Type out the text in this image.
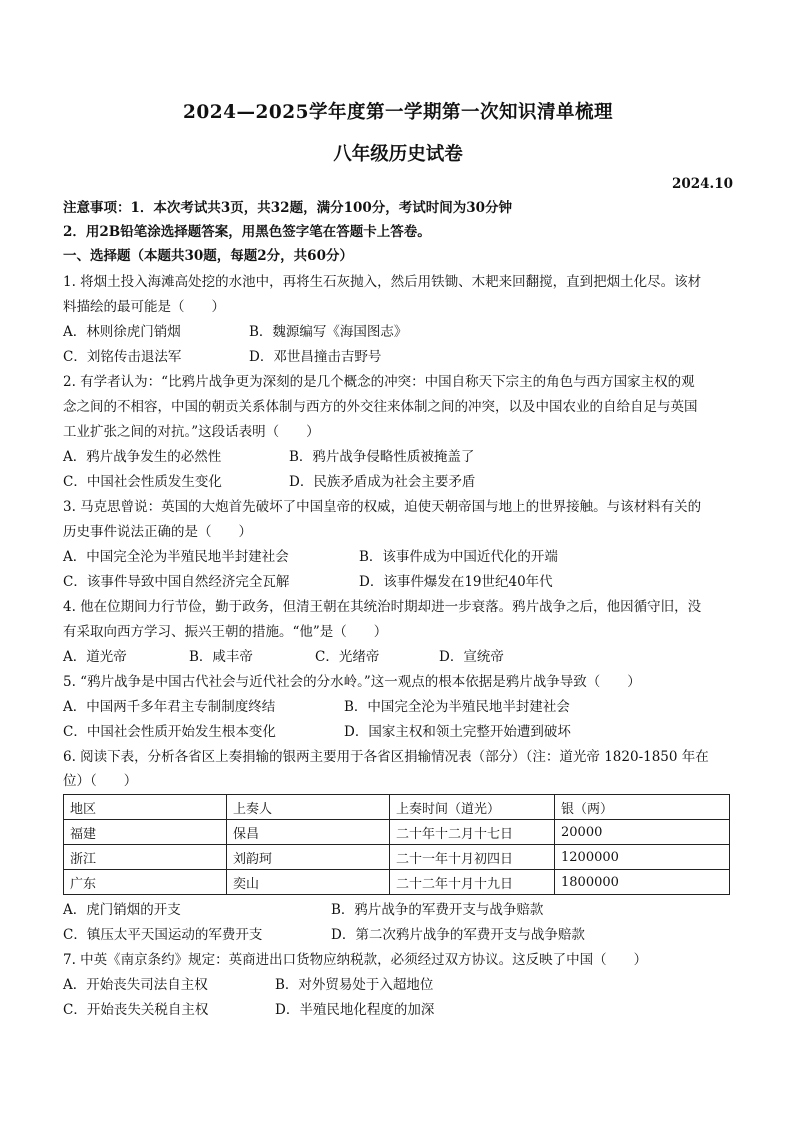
2024—2025学年度第一学期第一次知识清单梳理
八年级历史试卷
2024.10
注意事项：1．本次考试共3页，共32题，满分100分，考试时间为30分钟
2．用2B铅笔涂选择题答案，用黑色签字笔在答题卡上答卷。
一、选择题（本题共30题，每题2分，共60分）
1. 将烟土投入海滩高处挖的水池中，再将生石灰抛入，然后用铁锄、木耙来回翻搅，直到把烟土化尽。该材
料描绘的最可能是（　　）
A．林则徐虎门销烟	B．魏源编写《海国图志》
C．刘铭传击退法军	D．邓世昌撞击吉野号
2. 有学者认为：“比鸦片战争更为深刻的是几个概念的冲突：中国自称天下宗主的角色与西方国家主权的观
念之间的不相容，中国的朝贡关系体制与西方的外交往来体制之间的冲突，以及中国农业的自给自足与英国
工业扩张之间的对抗。”这段话表明（　　）
A．鸦片战争发生的必然性	B．鸦片战争侵略性质被掩盖了
C．中国社会性质发生变化	D．民族矛盾成为社会主要矛盾
3. 马克思曾说：英国的大炮首先破坏了中国皇帝的权威，迫使天朝帝国与地上的世界接触。与该材料有关的
历史事件说法正确的是（　　）
A．中国完全沦为半殖民地半封建社会	B．该事件成为中国近代化的开端
C．该事件导致中国自然经济完全瓦解	D．该事件爆发在19世纪40年代
4. 他在位期间力行节俭，勤于政务，但清王朝在其统治时期却进一步衰落。鸦片战争之后，他因循守旧，没
有采取向西方学习、振兴王朝的措施。“他”是（　　）
A．道光帝	B．咸丰帝	C．光绪帝	D．宣统帝
5. “鸦片战争是中国古代社会与近代社会的分水岭。”这一观点的根本依据是鸦片战争导致（　　）
A．中国两千多年君主专制制度终结	B．中国完全沦为半殖民地半封建社会
C．中国社会性质开始发生根本变化	D．国家主权和领土完整开始遭到破坏
6. 阅读下表，分析各省区上奏捐输的银两主要用于各省区捐输情况表（部分）（注：道光帝 1820-1850 年在
位）（　　）
地区	上奏人	上奏时间（道光）	银（两）
福建	保昌	二十年十二月十七日	20000
浙江	刘韵珂	二十一年十月初四日	1200000
广东	奕山	二十二年十月十九日	1800000
A．虎门销烟的开支	B．鸦片战争的军费开支与战争赔款
C．镇压太平天国运动的军费开支	D．第二次鸦片战争的军费开支与战争赔款
7. 中英《南京条约》规定：英商进出口货物应纳税款，必须经过双方协议。这反映了中国（　　）
A．开始丧失司法自主权	B．对外贸易处于入超地位
C．开始丧失关税自主权	D．半殖民地化程度的加深
